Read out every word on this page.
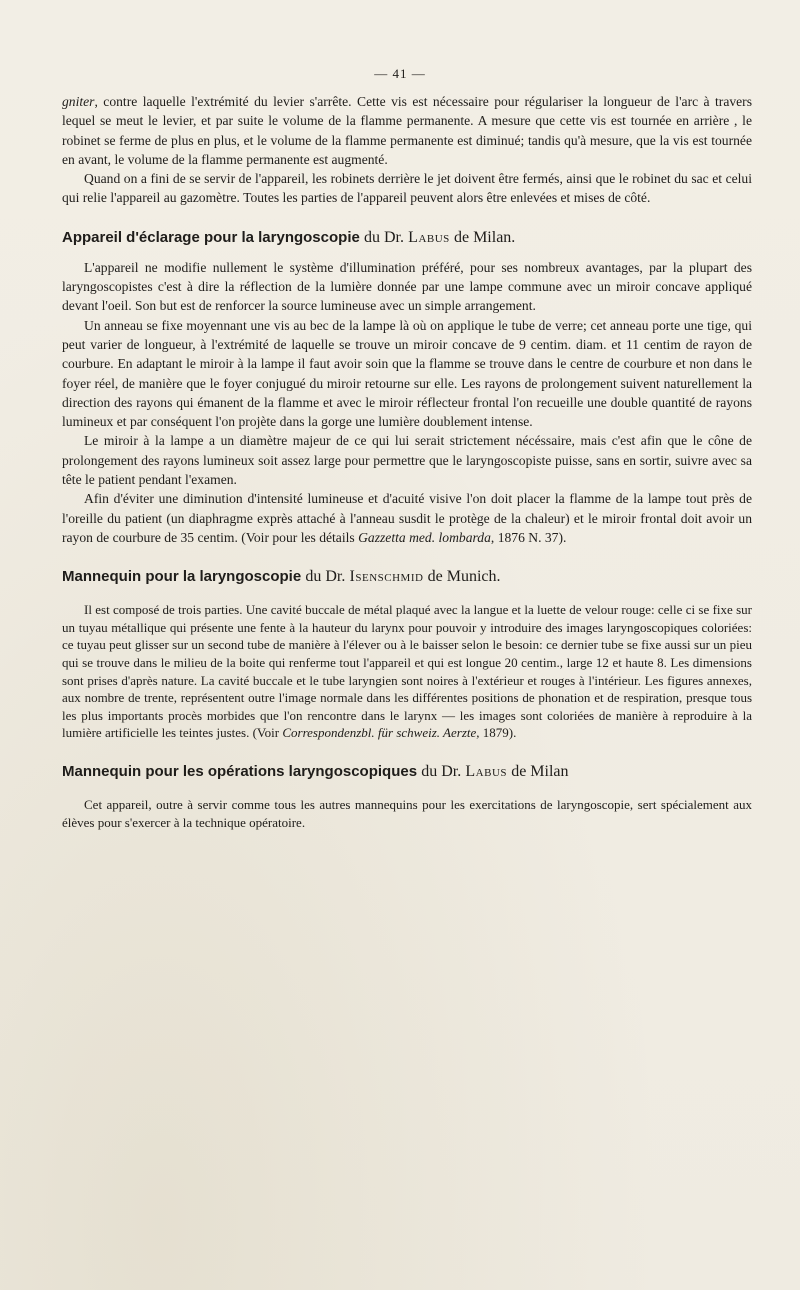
— 41 —

gniter, contre laquelle l'extrémité du levier s'arrête. Cette vis est nécessaire pour régulariser la longueur de l'arc à travers lequel se meut le levier, et par suite le volume de la flamme permanente. A mesure que cette vis est tournée en arrière , le robinet se ferme de plus en plus, et le volume de la flamme permanente est diminué; tandis qu'à mesure, que la vis est tournée en avant, le volume de la flamme permanente est augmenté.

Quand on a fini de se servir de l'appareil, les robinets derrière le jet doivent être fermés, ainsi que le robinet du sac et celui qui relie l'appareil au gazomètre. Toutes les parties de l'appareil peuvent alors être enlevées et mises de côté.

Appareil d'éclarage pour la laryngoscopie du Dr. Labus de Milan.

L'appareil ne modifie nullement le système d'illumination préféré, pour ses nombreux avantages, par la plupart des laryngoscopistes c'est à dire la réflection de la lumière donnée par une lampe commune avec un miroir concave appliqué devant l'oeil. Son but est de renforcer la source lumineuse avec un simple arrangement.

Un anneau se fixe moyennant une vis au bec de la lampe là où on applique le tube de verre; cet anneau porte une tige, qui peut varier de longueur, à l'extrémité de laquelle se trouve un miroir concave de 9 centim. diam. et 11 centim de rayon de courbure. En adaptant le miroir à la lampe il faut avoir soin que la flamme se trouve dans le centre de courbure et non dans le foyer réel, de manière que le foyer conjugué du miroir retourne sur elle. Les rayons de prolongement suivent naturellement la direction des rayons qui émanent de la flamme et avec le miroir réflecteur frontal l'on recueille une double quantité de rayons lumineux et par conséquent l'on projète dans la gorge une lumière doublement intense.

Le miroir à la lampe a un diamètre majeur de ce qui lui serait strictement nécéssaire, mais c'est afin que le cône de prolongement des rayons lumineux soit assez large pour permettre que le laryngoscopiste puisse, sans en sortir, suivre avec sa tête le patient pendant l'examen.

Afin d'éviter une diminution d'intensité lumineuse et d'acuité visive l'on doit placer la flamme de la lampe tout près de l'oreille du patient (un diaphragme exprès attaché à l'anneau susdit le protège de la chaleur) et le miroir frontal doit avoir un rayon de courbure de 35 centim. (Voir pour les détails Gazzetta med. lombarda, 1876 N. 37).

Mannequin pour la laryngoscopie du Dr. Isenschmid de Munich.

Il est composé de trois parties. Une cavité buccale de métal plaqué avec la langue et la luette de velour rouge: celle ci se fixe sur un tuyau métallique qui présente une fente à la hauteur du larynx pour pouvoir y introduire des images laryngoscopiques coloriées: ce tuyau peut glisser sur un second tube de manière à l'élever ou à le baisser selon le besoin: ce dernier tube se fixe aussi sur un pieu qui se trouve dans le milieu de la boite qui renferme tout l'appareil et qui est longue 20 centim., large 12 et haute 8. Les dimensions sont prises d'après nature. La cavité buccale et le tube laryngien sont noires à l'extérieur et rouges à l'intérieur. Les figures annexes, aux nombre de trente, représentent outre l'image normale dans les différentes positions de phonation et de respiration, presque tous les plus importants procès morbides que l'on rencontre dans le larynx — les images sont coloriées de manière à reproduire à la lumière artificielle les teintes justes. (Voir Correspondenzbl. für schweiz. Aerzte, 1879).

Mannequin pour les opérations laryngoscopiques du Dr. Labus de Milan

Cet appareil, outre à servir comme tous les autres mannequins pour les exercitations de laryngoscopie, sert spécialement aux élèves pour s'exercer à la technique opératoire.
